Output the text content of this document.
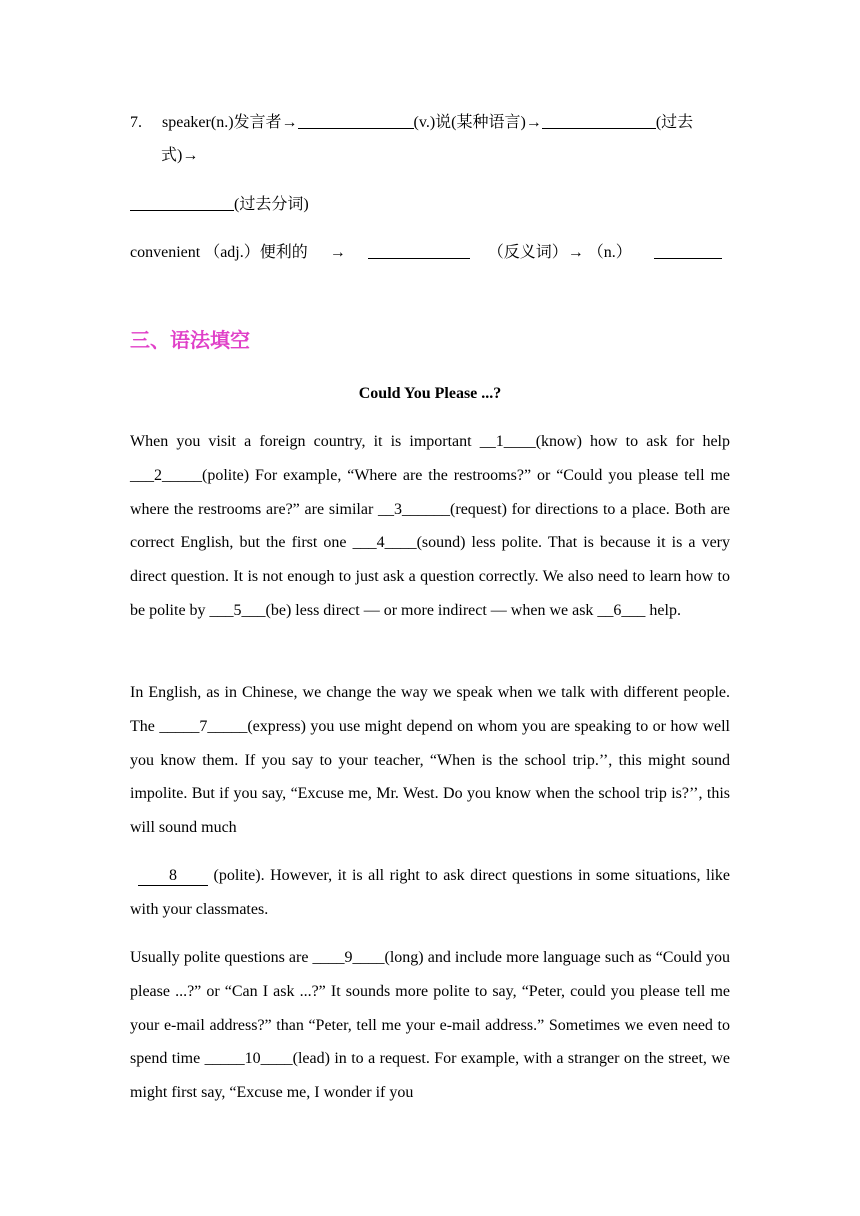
7. speaker(n.)发言者→	(v.)说(某种语言)→	(过去
式)→
(过去分词)
convenient （adj.）便利的 →	（反义词）→ （n.）
三、语法填空
Could You Please ...?
When you visit a foreign country, it is important __1____(know) how to ask for help ___2_____(polite) For example, “Where are the restrooms?” or “Could you please tell me where the restrooms are?” are similar __3______(request) for directions to a place. Both are correct English, but the first one ___4____(sound) less polite. That is because it is a very direct question. It is not enough to just ask a question correctly. We also need to learn how to be polite by ___5___(be) less direct — or more indirect — when we ask __6___ help.
In English, as in Chinese, we change the way we speak when we talk with different people. The _____7_____(express) you use might depend on whom you are speaking to or how well you know them. If you say to your teacher, “When is the school trip.’’, this might sound impolite. But if you say, “Excuse me, Mr. West. Do you know when the school trip is?’’, this will sound much
8 (polite). However, it is all right to ask direct questions in some situations, like with your classmates.
Usually polite questions are ____9____(long) and include more language such as “Could you please ...?” or “Can I ask ...?” It sounds more polite to say, “Peter, could you please tell me your e-mail address?” than “Peter, tell me your e-mail address.” Sometimes we even need to spend time _____10____(lead) in to a request. For example, with a stranger on the street, we might first say, “Excuse me, I wonder if you
